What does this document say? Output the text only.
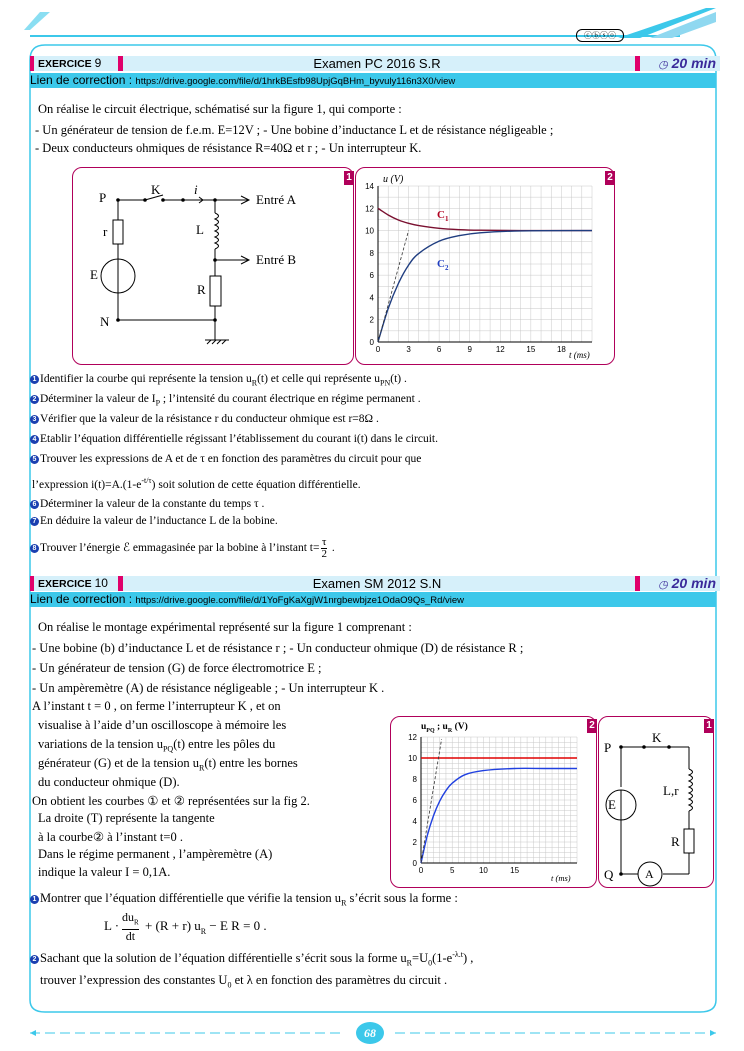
ⓒⓑⓢⓞ
68
EXERCICE 9	Examen PC 2016 S.R	◷ 20 min
Lien de correction : https://drive.google.com/file/d/1hrkBEsfb98UpjGqBHm_byvuly116n3X0/view
On réalise le circuit électrique, schématisé sur la figure 1, qui comporte :
- Un générateur de tension de f.e.m. E=12V ; - Une bobine d’inductance L et de résistance négligeable ;
- Deux conducteurs ohmiques de résistance R=40Ω et r ; - Un interrupteur K.
1
P
K	i
r	L
E
R
N
Entré A
Entré B
2
0	3	6	9	12	15	18
0
2
4
6
8
10
12
14
u (V)
t (ms)
$C_1$
$C_2$
1 Identifier la courbe qui représente la tension $u_R(t)$ et celle qui représente $u_{PN}(t)$ .
2 Déterminer la valeur de $I_P$ ; l’intensité du courant électrique en régime permanent .
3 Vérifier que la valeur de la résistance r du conducteur ohmique est r=8Ω .
4 Etablir l’équation différentielle régissant l’établissement du courant i(t) dans le circuit.
5 Trouver les expressions de A et de τ en fonction des paramètres du circuit pour que
l’expression $i(t)=A.(1-e^{-t/\tau})$ soit solution de cette équation différentielle.
6 Déterminer la valeur de la constante du temps τ .
7 En déduire la valeur de l’inductance L de la bobine.
8 Trouver l’énergie ℰ emmagasinée par la bobine à l’instant $t= \frac{\tau}{2}$ .
EXERCICE 10	Examen SM 2012 S.N	◷ 20 min
Lien de correction : https://drive.google.com/file/d/1YoFgKaXgjW1nrgbewbjze1OdaO9Qs_Rd/view
On réalise le montage expérimental représenté sur la figure 1 comprenant :
- Une bobine (b) d’inductance L et de résistance r ; - Un conducteur ohmique (D) de résistance R ;
- Un générateur de tension (G) de force électromotrice E ;
- Un ampèremètre (A) de résistance négligeable ; - Un interrupteur K .
A l’instant t = 0 , on ferme l’interrupteur K , et on
visualise à l’aide d’un oscilloscope à mémoire les
variations de la tension $u_{PQ}(t)$ entre les pôles du
générateur (G) et de la tension $u_R(t)$ entre les bornes
du conducteur ohmique (D).
On obtient les courbes ① et ② représentées sur la fig 2.
La droite (T) représente la tangente
à la courbe② à l’instant t=0 .
Dans le régime permanent , l’ampèremètre (A)
indique la valeur I = 0,1A.
2
0	5	10	15
0
2
4
6
8
10
12
$u_{PQ}$ ; $u_R$ (V)
t (ms)
1
K
P
L,r
E
R
Q	A
1 Montrer que l’équation différentielle que vérifie la tension $u_R$ s’écrit sous la forme :
L ·
$du_R$
dt
+ (R + r) $u_R - E$ R = 0 .
2 Sachant que la solution de l’équation différentielle s’écrit sous la forme $u_R=U_0(1-e^{-\lambda.t})$ ,
trouver l’expression des constantes $U_0$ et λ en fonction des paramètres du circuit .
